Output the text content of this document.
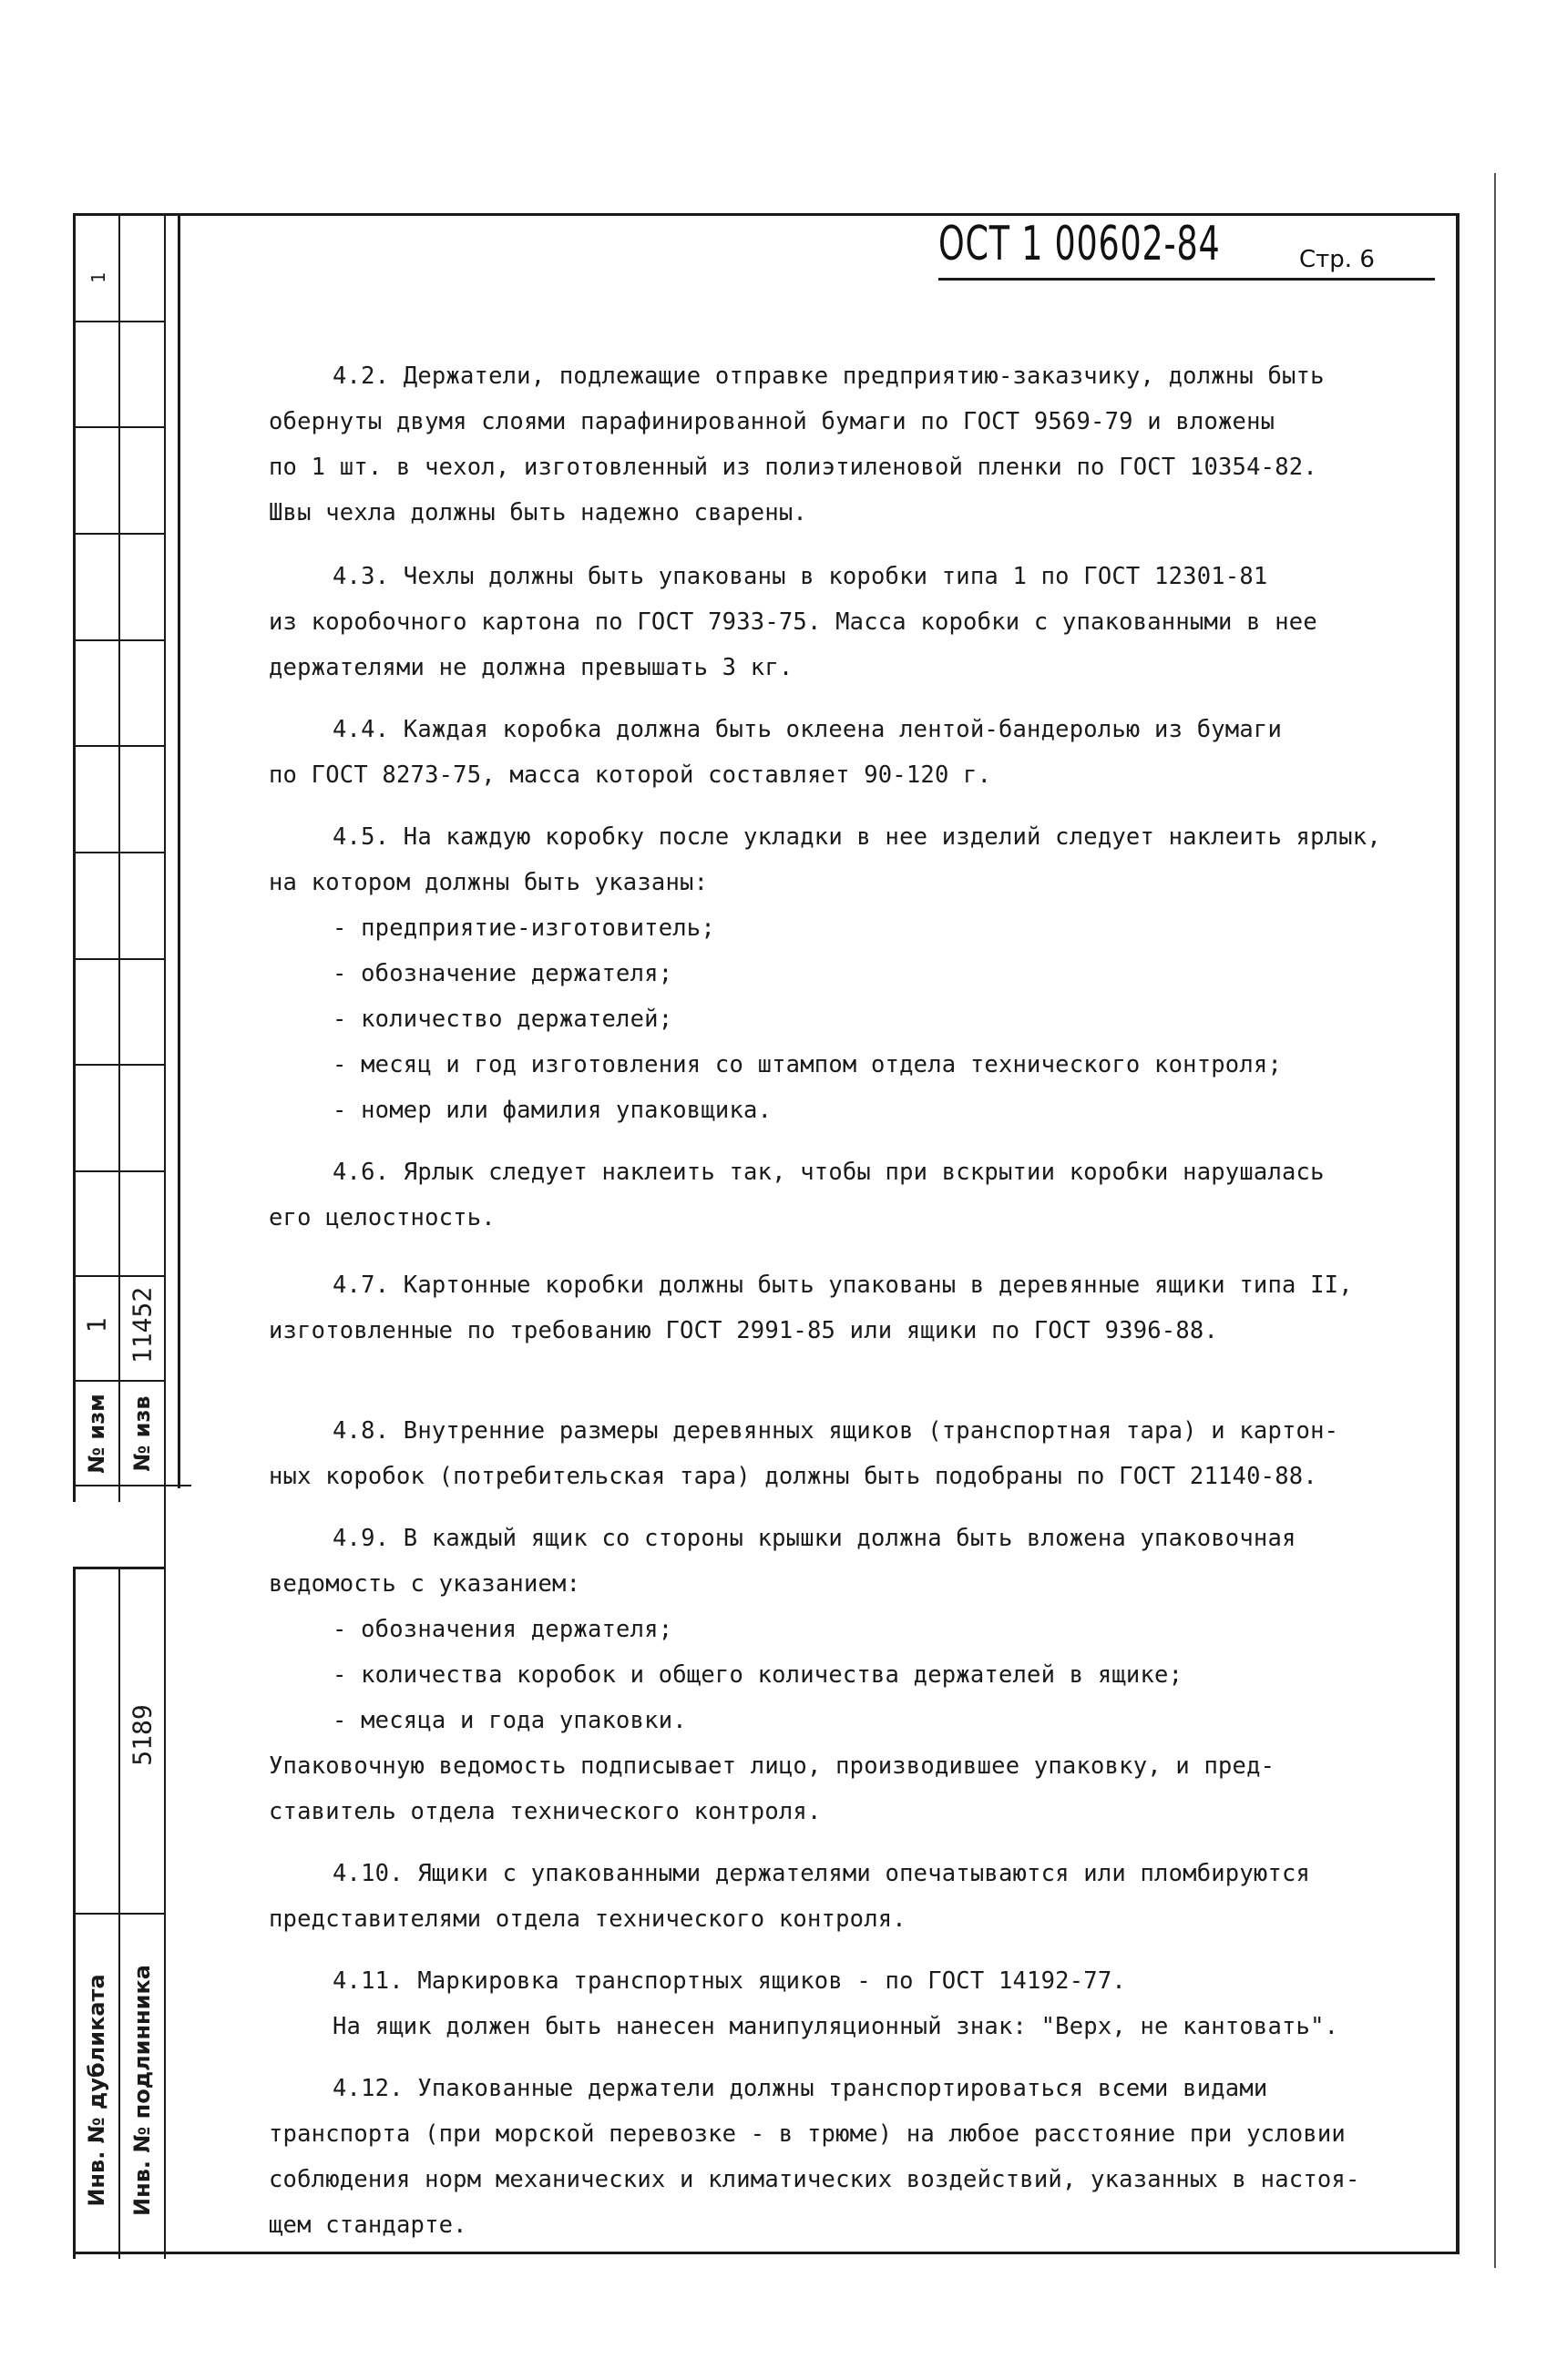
1
1 11452
№ изм № изв
5189
Инв. № дубликата Инв. № подлинника
ОСТ 1 00602-84	Стр. 6
4.2. Держатели, подлежащие отправке предприятию-заказчику, должны быть
обернуты двумя слоями парафинированной бумаги по ГОСТ 9569-79 и вложены
по 1 шт. в чехол, изготовленный из полиэтиленовой пленки по ГОСТ 10354-82.
Швы чехла должны быть надежно сварены.
4.3. Чехлы должны быть упакованы в коробки типа 1 по ГОСТ 12301-81
из коробочного картона по ГОСТ 7933-75. Масса коробки с упакованными в нее
держателями не должна превышать 3 кг.
4.4. Каждая коробка должна быть оклеена лентой-бандеролью из бумаги
по ГОСТ 8273-75, масса которой составляет 90-120 г.
4.5. На каждую коробку после укладки в нее изделий следует наклеить ярлык,
на котором должны быть указаны:
- предприятие-изготовитель;
- обозначение держателя;
- количество держателей;
- месяц и год изготовления со штампом отдела технического контроля;
- номер или фамилия упаковщика.
4.6. Ярлык следует наклеить так, чтобы при вскрытии коробки нарушалась
его целостность.
4.7. Картонные коробки должны быть упакованы в деревянные ящики типа II,
изготовленные по требованию ГОСТ 2991-85 или ящики по ГОСТ 9396-88.
4.8. Внутренние размеры деревянных ящиков (транспортная тара) и картон-
ных коробок (потребительская тара) должны быть подобраны по ГОСТ 21140-88.
4.9. В каждый ящик со стороны крышки должна быть вложена упаковочная
ведомость с указанием:
- обозначения держателя;
- количества коробок и общего количества держателей в ящике;
- месяца и года упаковки.
Упаковочную ведомость подписывает лицо, производившее упаковку, и пред-
ставитель отдела технического контроля.
4.10. Ящики с упакованными держателями опечатываются или пломбируются
представителями отдела технического контроля.
4.11. Маркировка транспортных ящиков - по ГОСТ 14192-77.
На ящик должен быть нанесен манипуляционный знак: "Верх, не кантовать".
4.12. Упакованные держатели должны транспортироваться всеми видами
транспорта (при морской перевозке - в трюме) на любое расстояние при условии
соблюдения норм механических и климатических воздействий, указанных в настоя-
щем стандарте.
